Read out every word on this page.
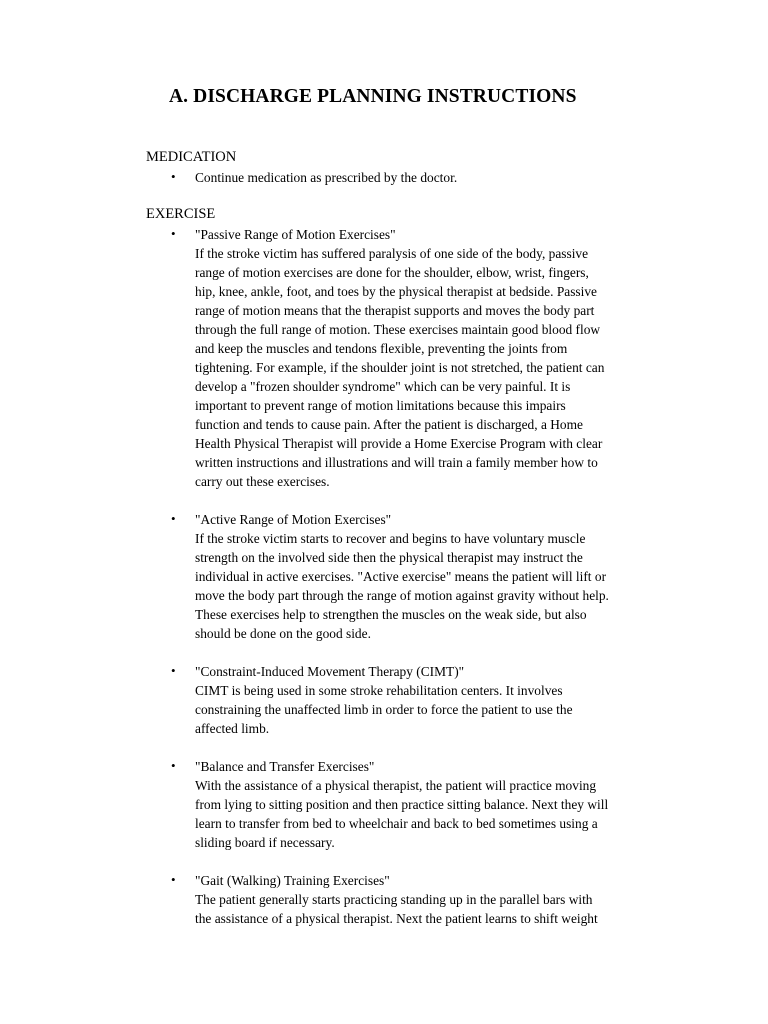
A. DISCHARGE PLANNING INSTRUCTIONS
MEDICATION
• Continue medication as prescribed by the doctor.
EXERCISE
• "Passive Range of Motion Exercises"
If the stroke victim has suffered paralysis of one side of the body, passive
range of motion exercises are done for the shoulder, elbow, wrist, fingers,
hip, knee, ankle, foot, and toes by the physical therapist at bedside. Passive
range of motion means that the therapist supports and moves the body part
through the full range of motion. These exercises maintain good blood flow
and keep the muscles and tendons flexible, preventing the joints from
tightening. For example, if the shoulder joint is not stretched, the patient can
develop a "frozen shoulder syndrome" which can be very painful. It is
important to prevent range of motion limitations because this impairs
function and tends to cause pain. After the patient is discharged, a Home
Health Physical Therapist will provide a Home Exercise Program with clear
written instructions and illustrations and will train a family member how to
carry out these exercises.
• "Active Range of Motion Exercises"
If the stroke victim starts to recover and begins to have voluntary muscle
strength on the involved side then the physical therapist may instruct the
individual in active exercises. "Active exercise" means the patient will lift or
move the body part through the range of motion against gravity without help.
These exercises help to strengthen the muscles on the weak side, but also
should be done on the good side.
• "Constraint-Induced Movement Therapy (CIMT)"
CIMT is being used in some stroke rehabilitation centers. It involves
constraining the unaffected limb in order to force the patient to use the
affected limb.
• "Balance and Transfer Exercises"
With the assistance of a physical therapist, the patient will practice moving
from lying to sitting position and then practice sitting balance. Next they will
learn to transfer from bed to wheelchair and back to bed sometimes using a
sliding board if necessary.
• "Gait (Walking) Training Exercises"
The patient generally starts practicing standing up in the parallel bars with
the assistance of a physical therapist. Next the patient learns to shift weight
